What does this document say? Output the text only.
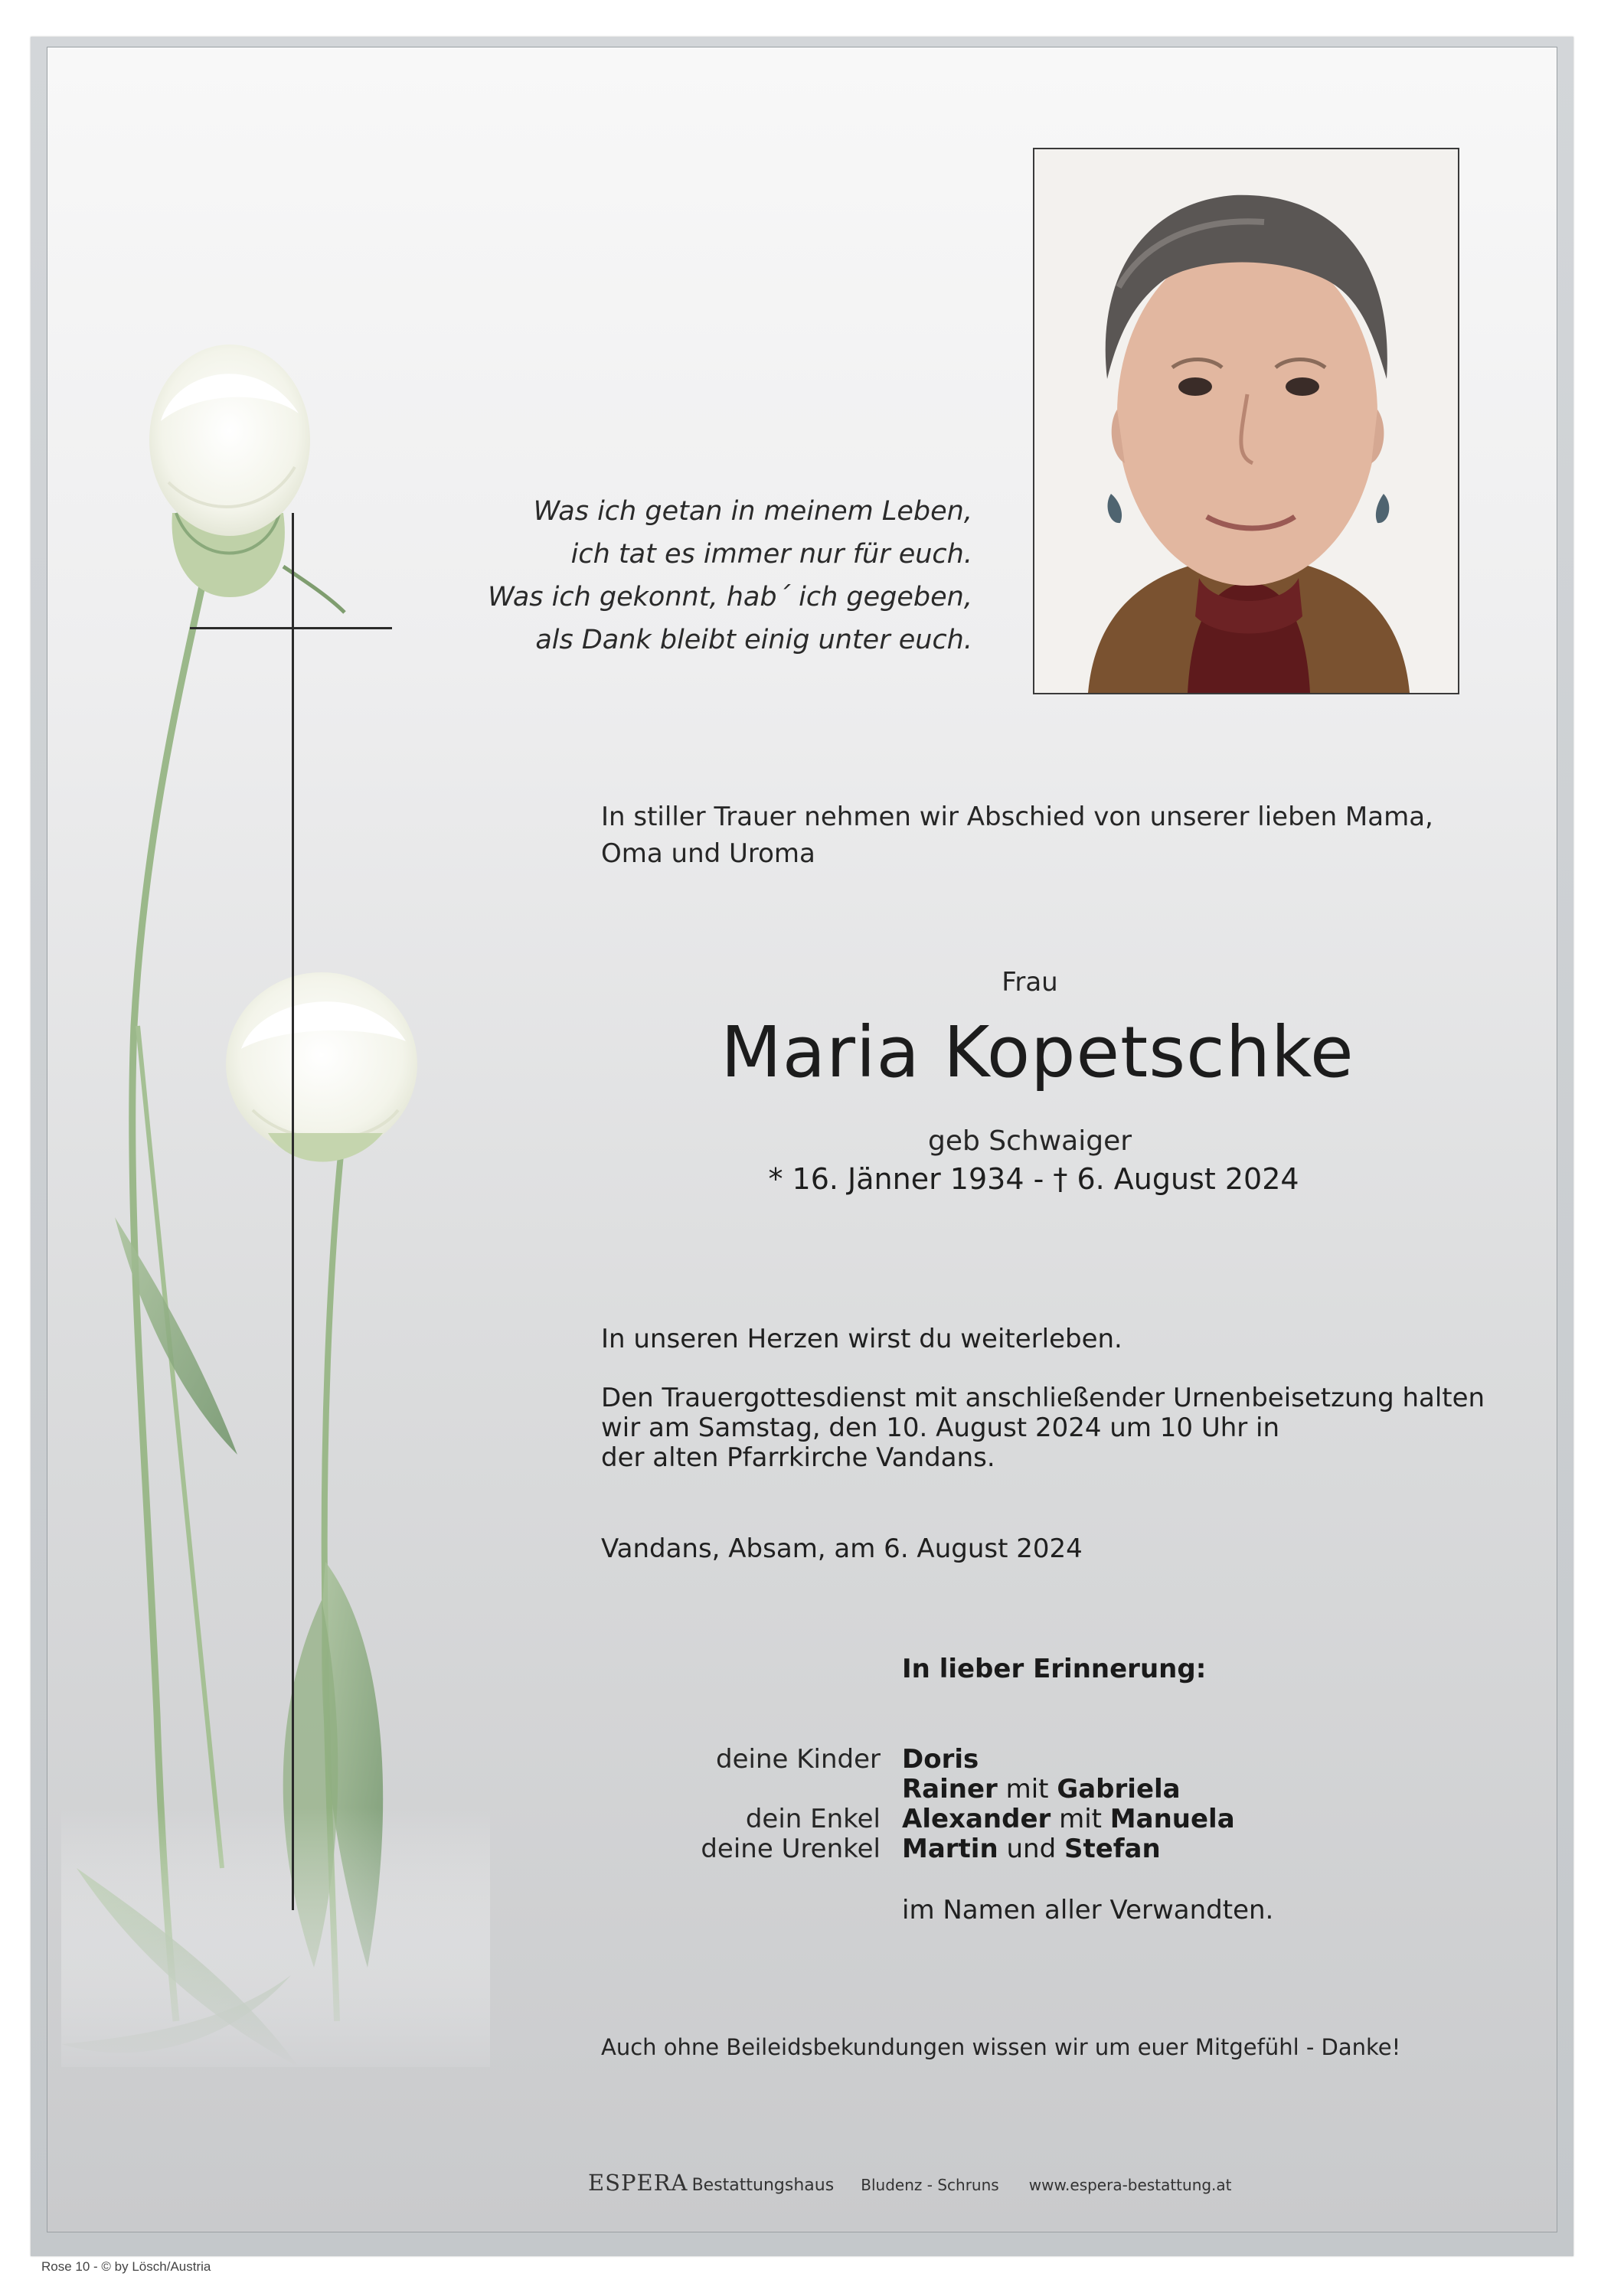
Was ich getan in meinem Leben,
ich tat es immer nur für euch.
Was ich gekonnt, hab´ ich gegeben,
als Dank bleibt einig unter euch.
In stiller Trauer nehmen wir Abschied von unserer lieben Mama,
Oma und Uroma
Frau
Maria Kopetschke
geb Schwaiger
* 16. Jänner 1934 - † 6. August 2024
In unseren Herzen wirst du weiterleben.
Den Trauergottesdienst mit anschließender Urnenbeisetzung halten
wir am Samstag, den 10. August 2024 um 10 Uhr in
der alten Pfarrkirche Vandans.
Vandans, Absam, am 6. August 2024
In lieber Erinnerung:
deine Kinder Doris
Rainer mit Gabriela
dein Enkel Alexander mit Manuela
deine Urenkel Martin und Stefan
im Namen aller Verwandten.
Auch ohne Beileidsbekundungen wissen wir um euer Mitgefühl - Danke!
ESPERA Bestattungshaus Bludenz - Schruns www.espera-bestattung.at
Rose 10 - © by Lösch/Austria
